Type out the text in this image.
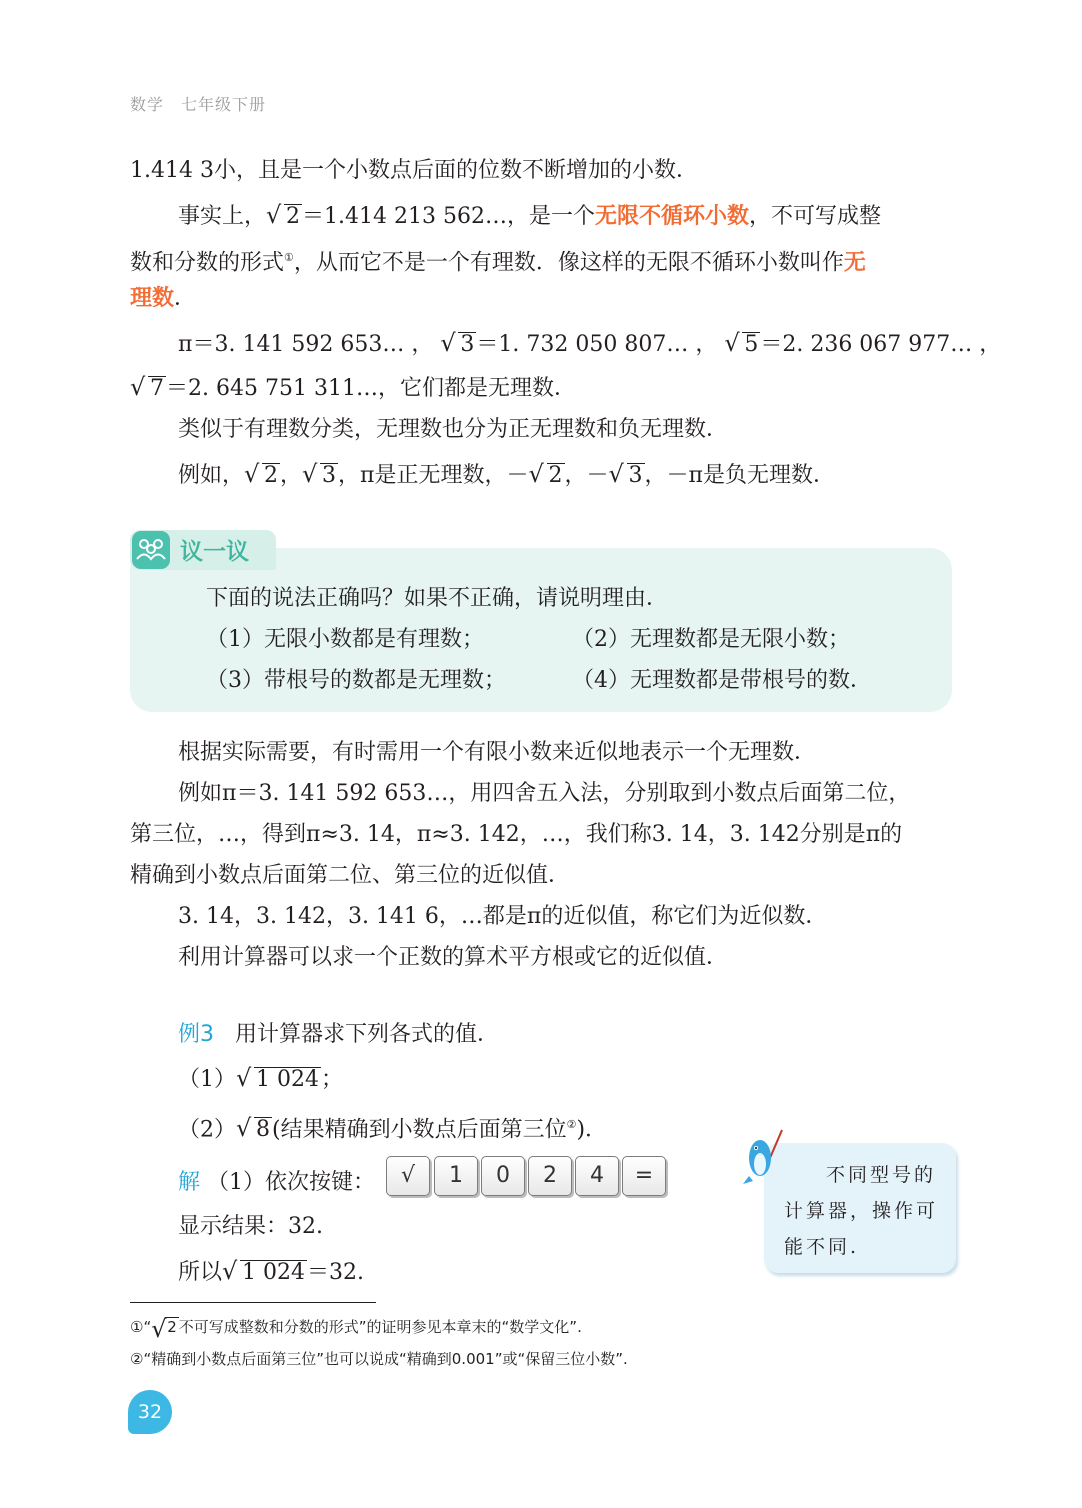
数学　七年级下册
1.414 3小，且是一个小数点后面的位数不断增加的小数．
事实上， √ 2＝1.414 213 562…，是一个无限不循环小数，不可写成整
数和分数的形式①，从而它不是一个有理数．像这样的无限不循环小数叫作无
理数．
π＝3. 141 592 653… ， √ 3＝1. 732 050 807… ， √ 5＝2. 236 067 977… ，
√ 7＝2. 645 751 311…，它们都是无理数．
类似于有理数分类，无理数也分为正无理数和负无理数．
例如， √ 2， √ 3，π是正无理数，－ √ 2，－ √ 3，－π是负无理数．
议一议
下面的说法正确吗？如果不正确，请说明理由．
（1）无限小数都是有理数；	（2）无理数都是无限小数；
（3）带根号的数都是无理数；	（4）无理数都是带根号的数．
根据实际需要，有时需用一个有限小数来近似地表示一个无理数．
例如π＝3. 141 592 653…，用四舍五入法，分别取到小数点后面第二位，
第三位，…，得到π≈3. 14，π≈3. 142，…，我们称3. 14，3. 142分别是π的
精确到小数点后面第二位、第三位的近似值．
3. 14，3. 142，3. 141 6，…都是π的近似值，称它们为近似数．
利用计算器可以求一个正数的算术平方根或它的近似值．
例3 用计算器求下列各式的值．
（1） √ 1 024；
（2） √ 8(结果精确到小数点后面第三位②)．
解 （1）依次按键：	√	1	0	2	4	=
显示结果：32.
所以 √ 1 024＝32.
不同型号的
计算器，操作可
能不同.
①“ √ 2 不可写成整数和分数的形式”的证明参见本章末的“数学文化”.
②“精确到小数点后面第三位”也可以说成“精确到0.001”或“保留三位小数”.
32
